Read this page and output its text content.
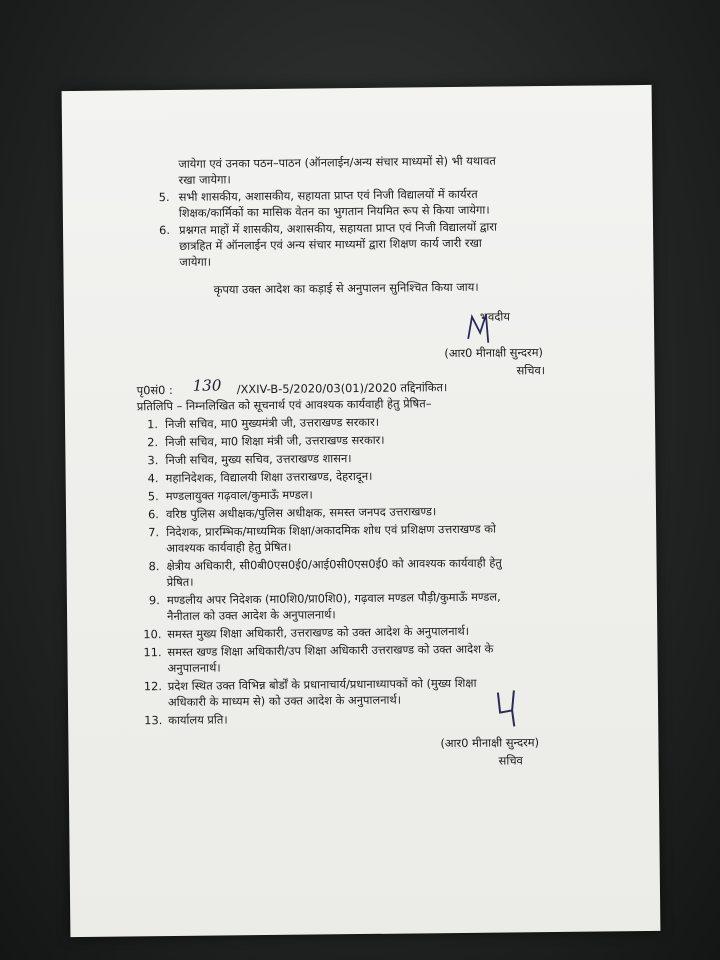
जायेगा एवं उनका पठन–पाठन (ऑनलाईन/अन्य संचार माध्यमों से) भी यथावत
रखा जायेगा।
5. सभी शासकीय, अशासकीय, सहायता प्राप्त एवं निजी विद्यालयों में कार्यरत
शिक्षक/कार्मिकों का मासिक वेतन का भुगतान नियमित रूप से किया जायेगा।
6. प्रश्नगत माहों में शासकीय, अशासकीय, सहायता प्राप्त एवं निजी विद्यालयों द्वारा
छात्रहित में ऑनलाईन एवं अन्य संचार माध्यमों द्वारा शिक्षण कार्य जारी रखा
जायेगा।
कृपया उक्त आदेश का कड़ाई से अनुपालन सुनिश्चित किया जाय।
भवदीय
(आर0 मीनाक्षी सुन्दरम)
सचिव।
पृ0सं0 : 130 /XXIV-B-5/2020/03(01)/2020 तद्दिनांकित।
प्रतिलिपि – निम्नलिखित को सूचनार्थ एवं आवश्यक कार्यवाही हेतु प्रेषित–
1. निजी सचिव, मा0 मुख्यमंत्री जी, उत्तराखण्ड सरकार।
2. निजी सचिव, मा0 शिक्षा मंत्री जी, उत्तराखण्ड सरकार।
3. निजी सचिव, मुख्य सचिव, उत्तराखण्ड शासन।
4. महानिदेशक, विद्यालयी शिक्षा उत्तराखण्ड, देहरादून।
5. मण्डलायुक्त गढ़वाल/कुमाऊँ मण्डल।
6. वरिष्ठ पुलिस अधीक्षक/पुलिस अधीक्षक, समस्त जनपद उत्तराखण्ड।
7. निदेशक, प्रारम्भिक/माध्यमिक शिक्षा/अकादमिक शोध एवं प्रशिक्षण उत्तराखण्ड को
आवश्यक कार्यवाही हेतु प्रेषित।
8. क्षेत्रीय अधिकारी, सी0बी0एस0ई0/आई0सी0एस0ई0 को आवश्यक कार्यवाही हेतु
प्रेषित।
9. मण्डलीय अपर निदेशक (मा0शि0/प्रा0शि0), गढ़वाल मण्डल पौड़ी/कुमाऊँ मण्डल,
नैनीताल को उक्त आदेश के अनुपालनार्थ।
10. समस्त मुख्य शिक्षा अधिकारी, उत्तराखण्ड को उक्त आदेश के अनुपालनार्थ।
11. समस्त खण्ड शिक्षा अधिकारी/उप शिक्षा अधिकारी उत्तराखण्ड को उक्त आदेश के
अनुपालनार्थ।
12. प्रदेश स्थित उक्त विभिन्न बोर्डों के प्रधानाचार्य/प्रधानाध्यापकों को (मुख्य शिक्षा
अधिकारी के माध्यम से) को उक्त आदेश के अनुपालनार्थ।
13. कार्यालय प्रति।
(आर0 मीनाक्षी सुन्दरम)
सचिव
